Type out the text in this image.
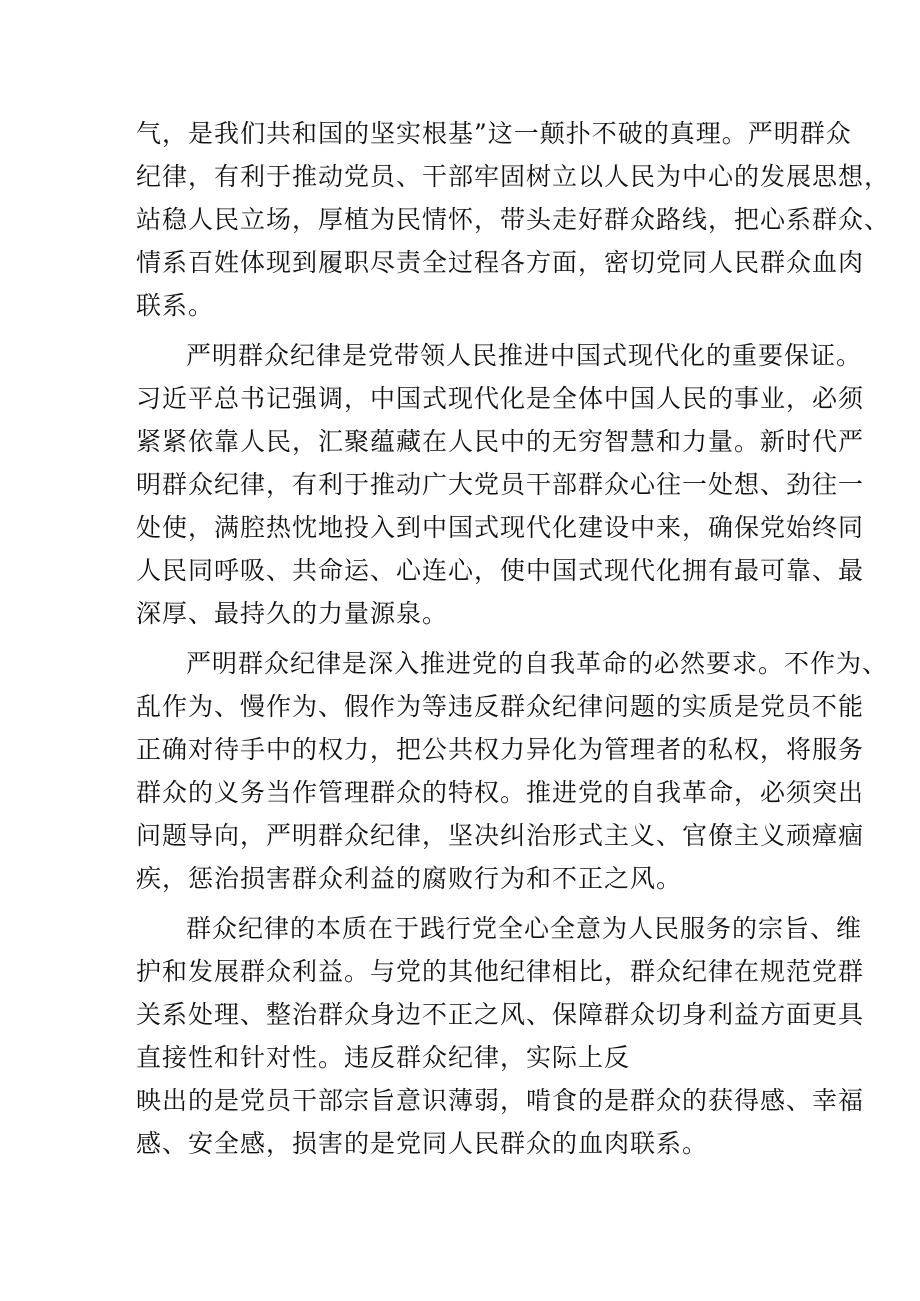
气，是我们共和国的坚实根基”这一颠扑不破的真理。严明群众
纪律，有利于推动党员、干部牢固树立以人民为中心的发展思想，
站稳人民立场，厚植为民情怀，带头走好群众路线，把心系群众、
情系百姓体现到履职尽责全过程各方面，密切党同人民群众血肉
联系。
严明群众纪律是党带领人民推进中国式现代化的重要保证。
习近平总书记强调，中国式现代化是全体中国人民的事业，必须
紧紧依靠人民，汇聚蕴藏在人民中的无穷智慧和力量。新时代严
明群众纪律，有利于推动广大党员干部群众心往一处想、劲往一
处使，满腔热忱地投入到中国式现代化建设中来，确保党始终同
人民同呼吸、共命运、心连心，使中国式现代化拥有最可靠、最
深厚、最持久的力量源泉。
严明群众纪律是深入推进党的自我革命的必然要求。不作为、
乱作为、慢作为、假作为等违反群众纪律问题的实质是党员不能
正确对待手中的权力，把公共权力异化为管理者的私权，将服务
群众的义务当作管理群众的特权。推进党的自我革命，必须突出
问题导向，严明群众纪律，坚决纠治形式主义、官僚主义顽瘴痼
疾，惩治损害群众利益的腐败行为和不正之风。
群众纪律的本质在于践行党全心全意为人民服务的宗旨、维
护和发展群众利益。与党的其他纪律相比，群众纪律在规范党群
关系处理、整治群众身边不正之风、保障群众切身利益方面更具
直接性和针对性。违反群众纪律，实际上反
映出的是党员干部宗旨意识薄弱，啃食的是群众的获得感、幸福
感、安全感，损害的是党同人民群众的血肉联系。
